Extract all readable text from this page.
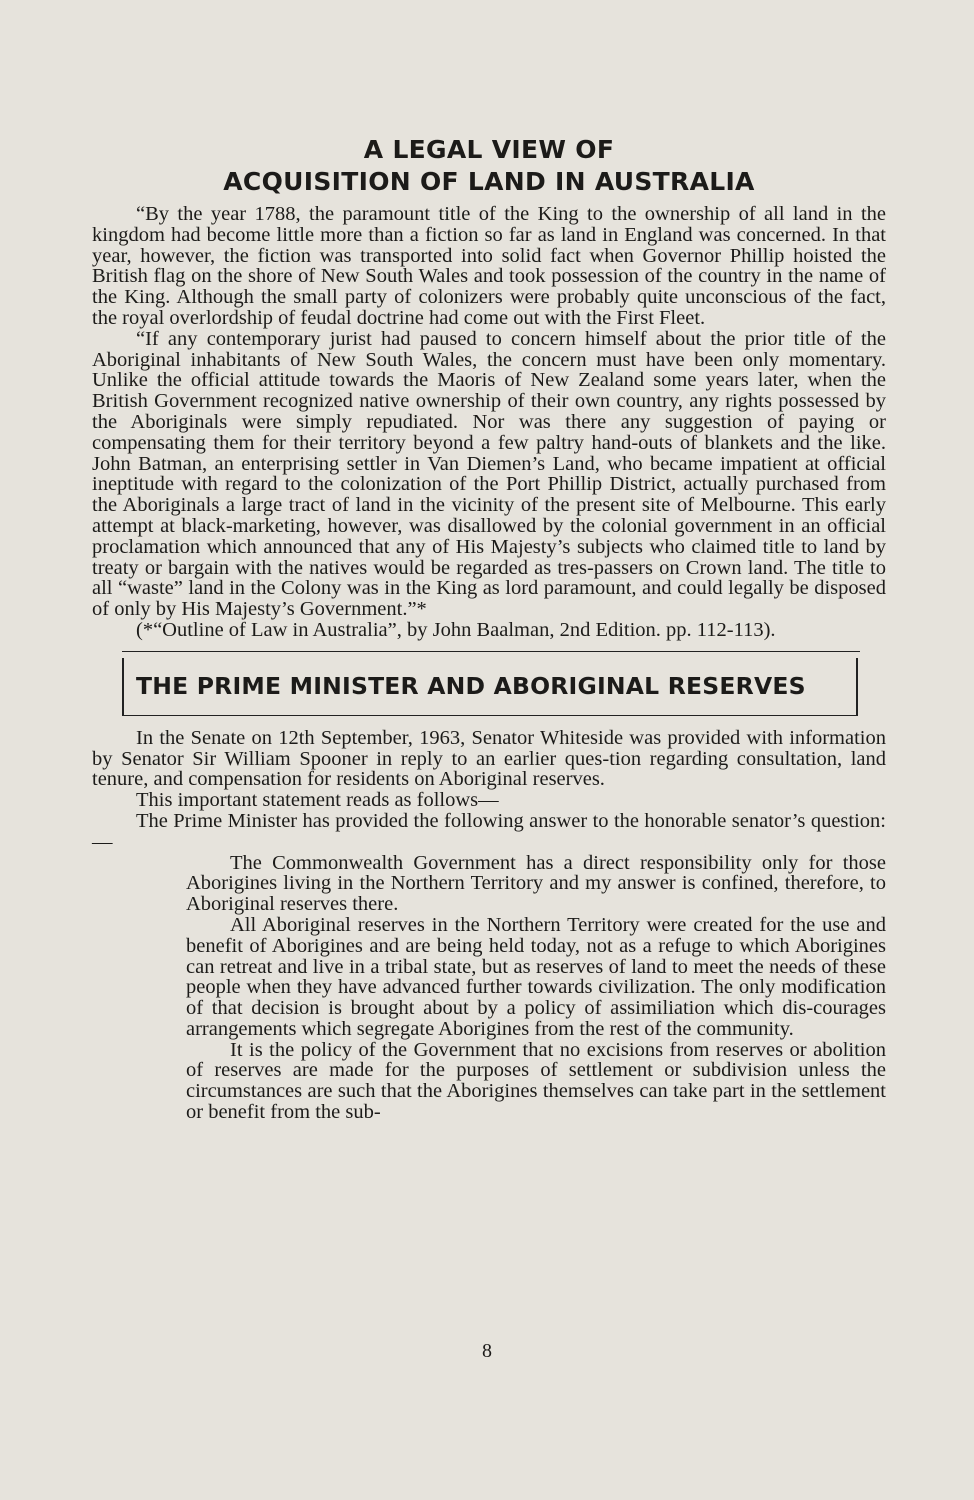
A LEGAL VIEW OF
ACQUISITION OF LAND IN AUSTRALIA

“By the year 1788, the paramount title of the King to the ownership of all land in the kingdom had become little more than a fiction so far as land in England was concerned. In that year, however, the fiction was transported into solid fact when Governor Phillip hoisted the British flag on the shore of New South Wales and took possession of the country in the name of the King. Although the small party of colonizers were probably quite unconscious of the fact, the royal overlordship of feudal doctrine had come out with the First Fleet.

“If any contemporary jurist had paused to concern himself about the prior title of the Aboriginal inhabitants of New South Wales, the concern must have been only momentary. Unlike the official attitude towards the Maoris of New Zealand some years later, when the British Government recognized native ownership of their own country, any rights possessed by the Aboriginals were simply repudiated. Nor was there any suggestion of paying or compensating them for their territory beyond a few paltry hand-outs of blankets and the like. John Batman, an enterprising settler in Van Diemen’s Land, who became impatient at official ineptitude with regard to the colonization of the Port Phillip District, actually purchased from the Aboriginals a large tract of land in the vicinity of the present site of Melbourne. This early attempt at black-marketing, however, was disallowed by the colonial government in an official proclamation which announced that any of His Majesty’s subjects who claimed title to land by treaty or bargain with the natives would be regarded as tres-passers on Crown land. The title to all “waste” land in the Colony was in the King as lord paramount, and could legally be disposed of only by His Majesty’s Government.”*

(*“Outline of Law in Australia”, by John Baalman, 2nd Edition. pp. 112-113).

THE PRIME MINISTER AND ABORIGINAL RESERVES

In the Senate on 12th September, 1963, Senator Whiteside was provided with information by Senator Sir William Spooner in reply to an earlier ques-tion regarding consultation, land tenure, and compensation for residents on Aboriginal reserves.

This important statement reads as follows—

The Prime Minister has provided the following answer to the honorable senator’s question:—

The Commonwealth Government has a direct responsibility only for those Aborigines living in the Northern Territory and my answer is confined, therefore, to Aboriginal reserves there.

All Aboriginal reserves in the Northern Territory were created for the use and benefit of Aborigines and are being held today, not as a refuge to which Aborigines can retreat and live in a tribal state, but as reserves of land to meet the needs of these people when they have advanced further towards civilization. The only modification of that decision is brought about by a policy of assimiliation which dis-courages arrangements which segregate Aborigines from the rest of the community.

It is the policy of the Government that no excisions from reserves or abolition of reserves are made for the purposes of settlement or subdivision unless the circumstances are such that the Aborigines themselves can take part in the settlement or benefit from the sub-

8
